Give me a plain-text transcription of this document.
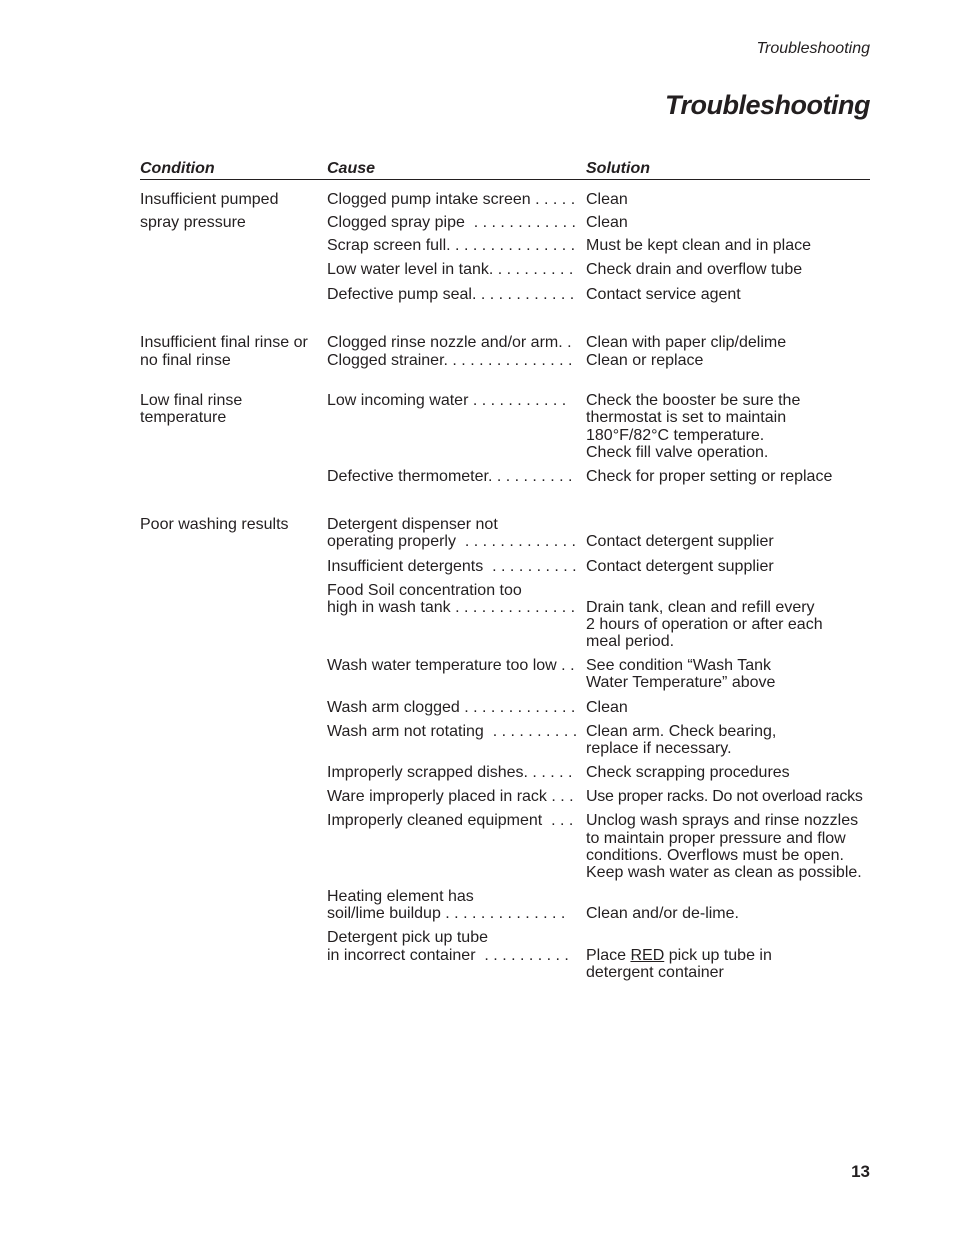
Troubleshooting
Troubleshooting
Condition	Cause	Solution
Insufficient pumped
spray pressure
Insufficient final rinse or
no final rinse
Low final rinse
temperature
Poor washing results
Clogged pump intake screen . . . . .
Clogged spray pipe  . . . . . . . . . . . .
Scrap screen full. . . . . . . . . . . . . . .
Low water level in tank. . . . . . . . . .
Defective pump seal. . . . . . . . . . . .
Clogged rinse nozzle and/or arm. .
Clogged strainer. . . . . . . . . . . . . . .
Low incoming water . . . . . . . . . . .
Defective thermometer. . . . . . . . . .
Detergent dispenser not
operating properly  . . . . . . . . . . . . .
Insufficient detergents  . . . . . . . . . .
Food Soil concentration too
high in wash tank . . . . . . . . . . . . . .
Wash water temperature too low . .
Wash arm clogged . . . . . . . . . . . . .
Wash arm not rotating  . . . . . . . . . .
Improperly scrapped dishes. . . . . .
Ware improperly placed in rack . . .
Improperly cleaned equipment  . . .
Heating element has
soil/lime buildup . . . . . . . . . . . . . .
Detergent pick up tube
in incorrect container  . . . . . . . . . .
Clean
Clean
Must be kept clean and in place
Check drain and overflow tube
Contact service agent
Clean with paper clip/delime
Clean or replace
Check the booster be sure the
thermostat is set to maintain
180°F/82°C temperature.
Check fill valve operation.
Check for proper setting or replace
Contact detergent supplier
Contact detergent supplier
Drain tank, clean and refill every
2 hours of operation or after each
meal period.
See condition “Wash Tank
Water Temperature” above
Clean
Clean arm. Check bearing,
replace if necessary.
Check scrapping procedures
Use proper racks. Do not overload racks
Unclog wash sprays and rinse nozzles
to maintain proper pressure and flow
conditions. Overflows must be open.
Keep wash water as clean as possible.
Clean and/or de-lime.
Place RED pick up tube in
detergent container
13
